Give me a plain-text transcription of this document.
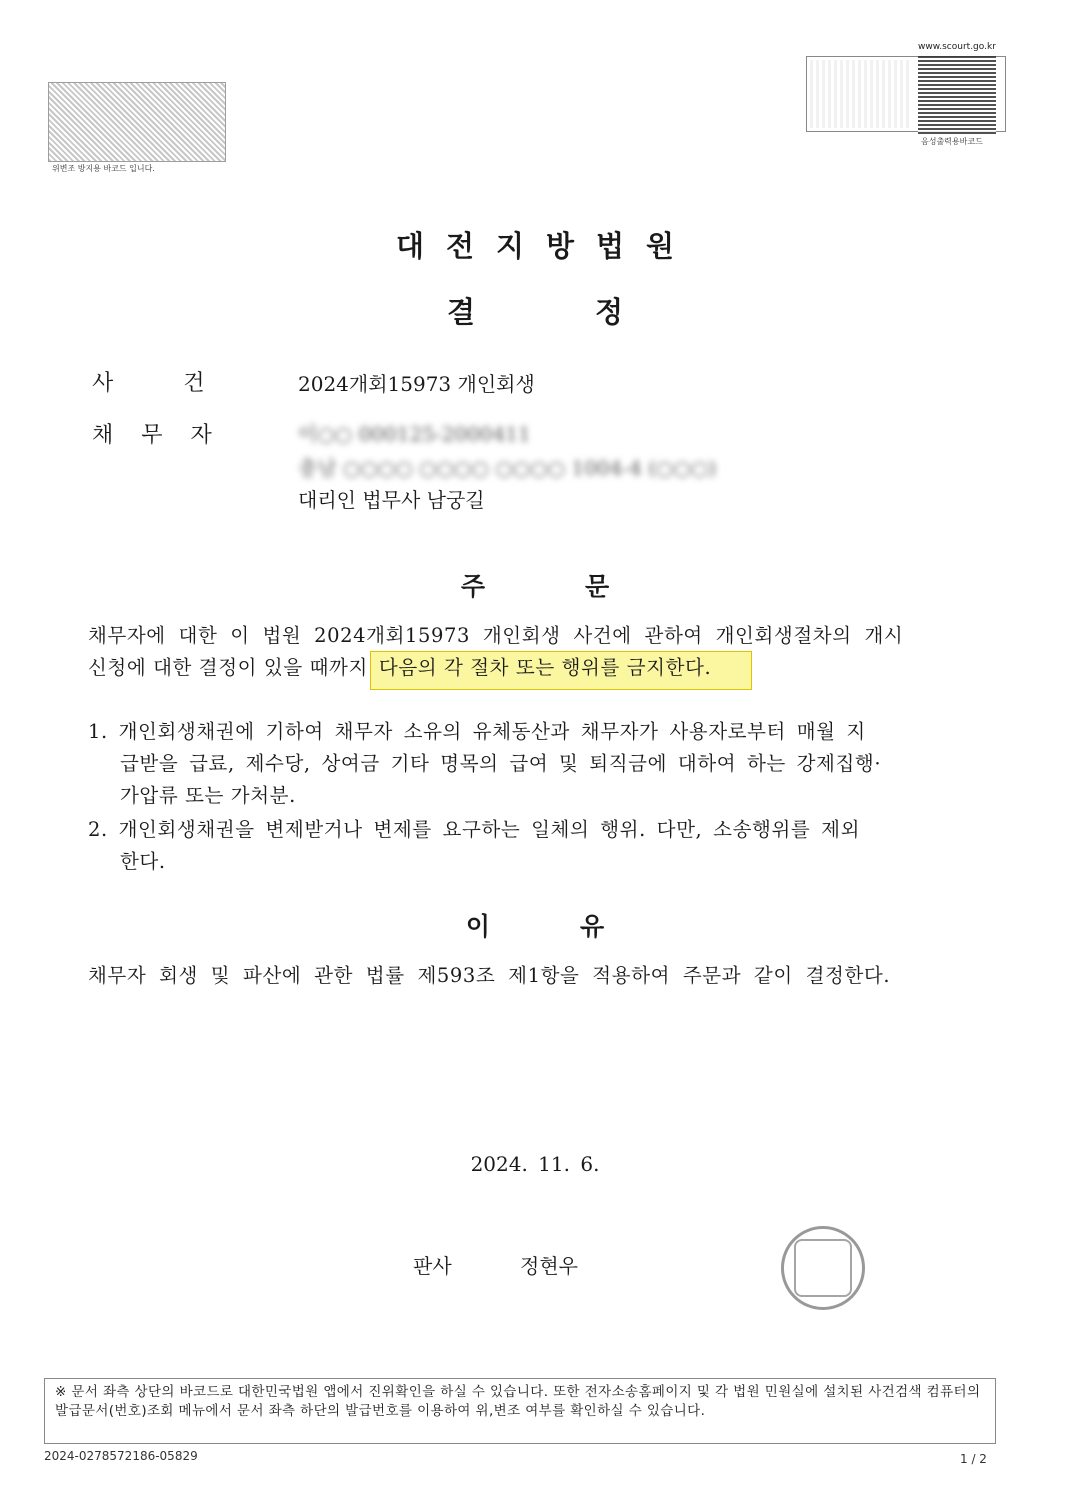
위변조 방지용 바코드 입니다.
www.scourt.go.kr
음성출력용바코드
대전지방법원
결정
사건 2024개회15973 개인회생
채무자	이○○ 000125-2000411
충남 ○○○○ ○○○○ ○○○○ 1004-4 (○○○)
대리인 법무사 남궁길
주문
채무자에 대한 이 법원 2024개회15973 개인회생 사건에 관하여 개인회생절차의 개시
신청에 대한 결정이 있을 때까지 다음의 각 절차 또는 행위를 금지한다.
1. 개인회생채권에 기하여 채무자 소유의 유체동산과 채무자가 사용자로부터 매월 지
급받을 급료, 제수당, 상여금 기타 명목의 급여 및 퇴직금에 대하여 하는 강제집행·
가압류 또는 가처분.
2. 개인회생채권을 변제받거나 변제를 요구하는 일체의 행위. 다만, 소송행위를 제외
한다.
이유
채무자 회생 및 파산에 관한 법률 제593조 제1항을 적용하여 주문과 같이 결정한다.
2024. 11. 6.
판사	정현우
※ 문서 좌측 상단의 바코드로 대한민국법원 앱에서 진위확인을 하실 수 있습니다. 또한 전자소송홈페이지 및 각 법원 민원실에 설치된 사건검색 컴퓨터의 발급문서(번호)조회 메뉴에서 문서 좌측 하단의 발급번호를 이용하여 위,변조 여부를 확인하실 수 있습니다.
2024-0278572186-05829	1 / 2
